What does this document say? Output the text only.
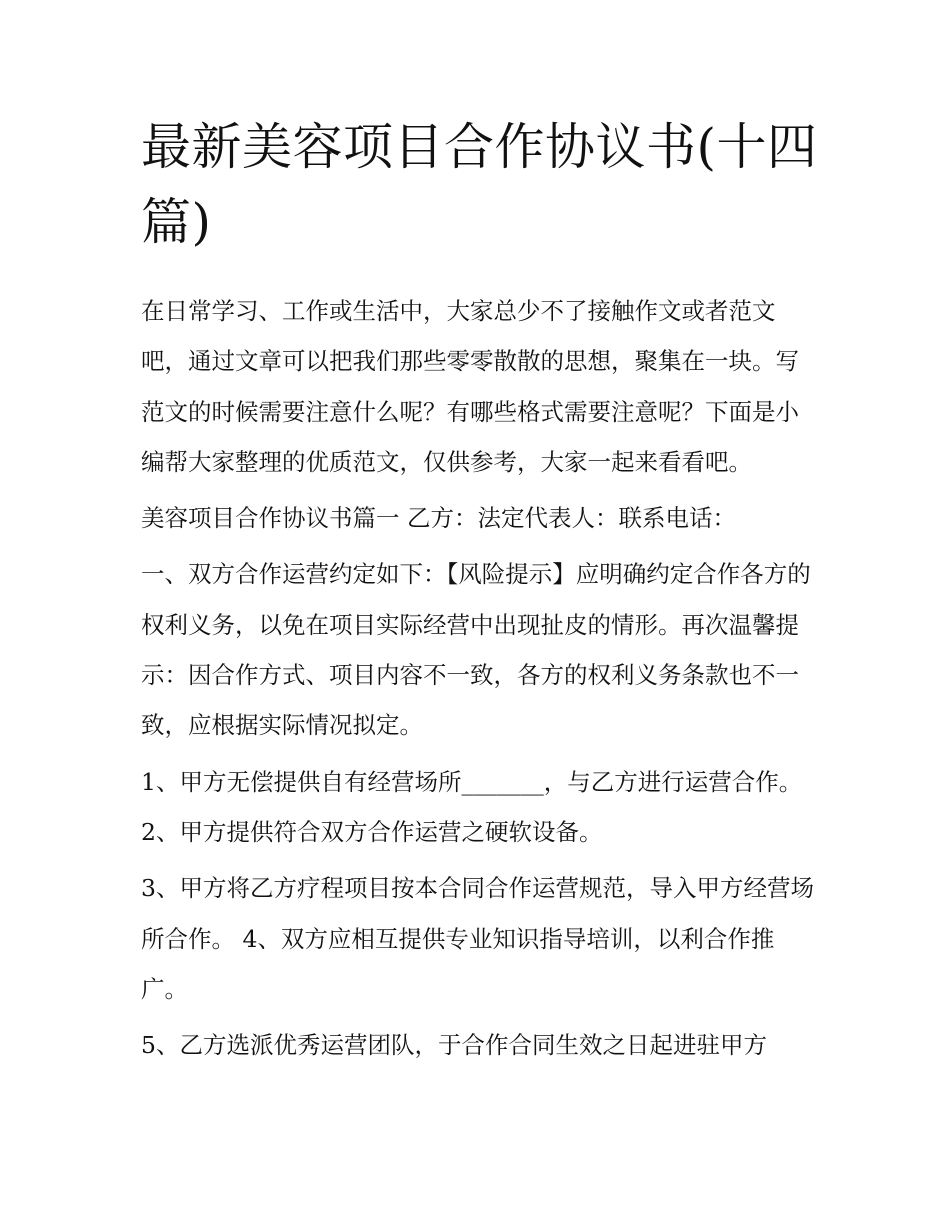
最新美容项目合作协议书(十四篇)

在日常学习、工作或生活中，大家总少不了接触作文或者范文吧，通过文章可以把我们那些零零散散的思想，聚集在一块。写范文的时候需要注意什么呢？有哪些格式需要注意呢？下面是小编帮大家整理的优质范文，仅供参考，大家一起来看看吧。

美容项目合作协议书篇一 乙方：法定代表人：联系电话：

一、双方合作运营约定如下：【风险提示】应明确约定合作各方的权利义务，以免在项目实际经营中出现扯皮的情形。再次温馨提示：因合作方式、项目内容不一致，各方的权利义务条款也不一致，应根据实际情况拟定。

1、甲方无偿提供自有经营场所_______，与乙方进行运营合作。 2、甲方提供符合双方合作运营之硬软设备。

3、甲方将乙方疗程项目按本合同合作运营规范，导入甲方经营场所合作。 4、双方应相互提供专业知识指导培训，以利合作推广。

5、乙方选派优秀运营团队，于合作合同生效之日起进驻甲方
